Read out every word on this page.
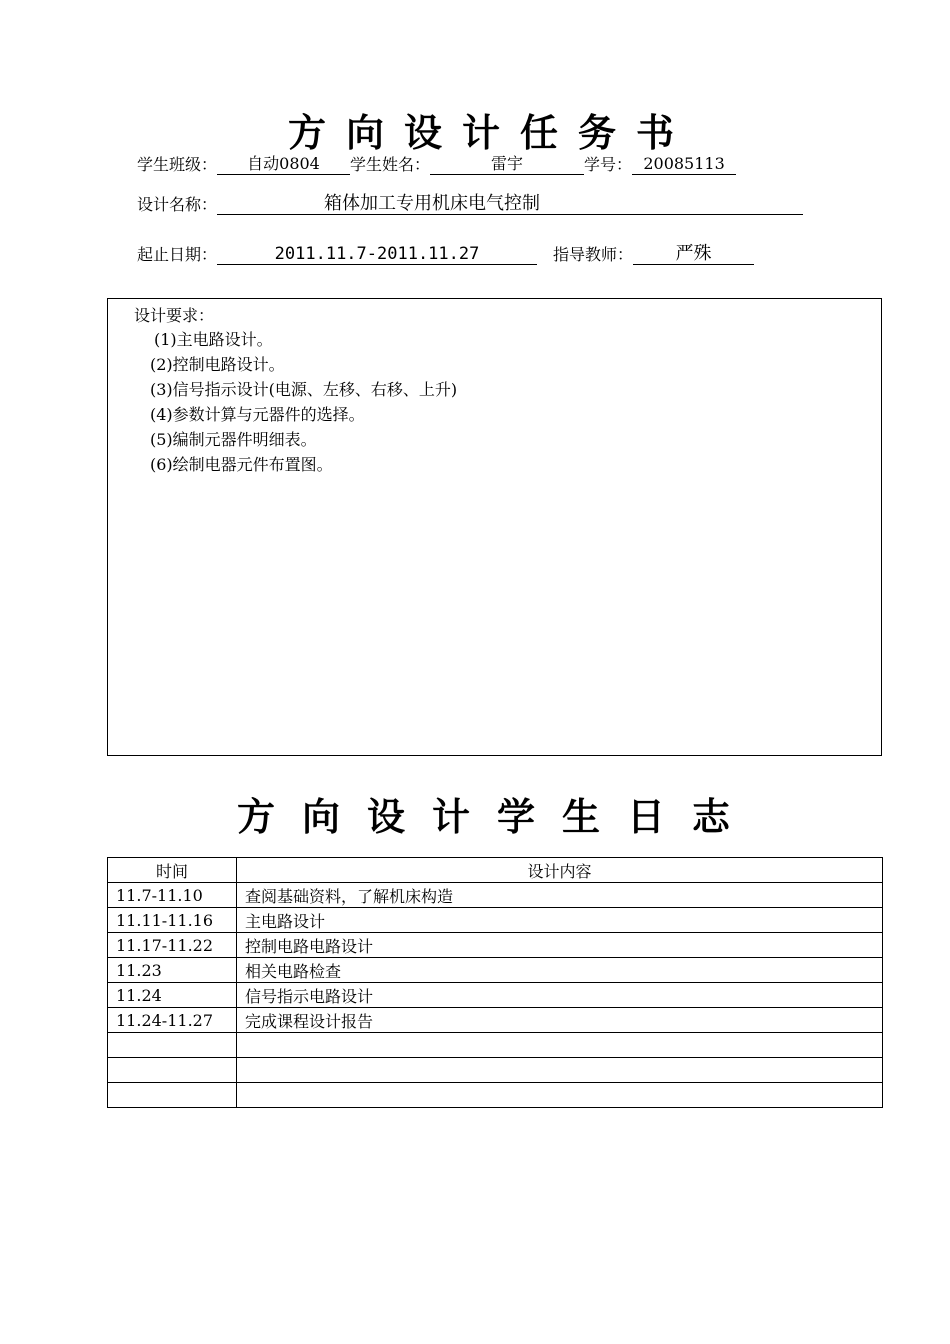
方向设计任务书
学生班级： 自动0804 学生姓名：	雷宇	学号： 20085113
设计名称：	箱体加工专用机床电气控制
起止日期：	2011.11.7-2011.11.27	指导教师： 严殊
设计要求：
(1)主电路设计。
(2)控制电路设计。
(3)信号指示设计(电源、左移、右移、上升)
(4)参数计算与元器件的选择。
(5)编制元器件明细表。
(6)绘制电器元件布置图。
方向设计学生日志
时间	设计内容
11.7-11.10	查阅基础资料，了解机床构造
11.11-11.16	主电路设计
11.17-11.22	控制电路电路设计
11.23	相关电路检查
11.24	信号指示电路设计
11.24-11.27	完成课程设计报告
